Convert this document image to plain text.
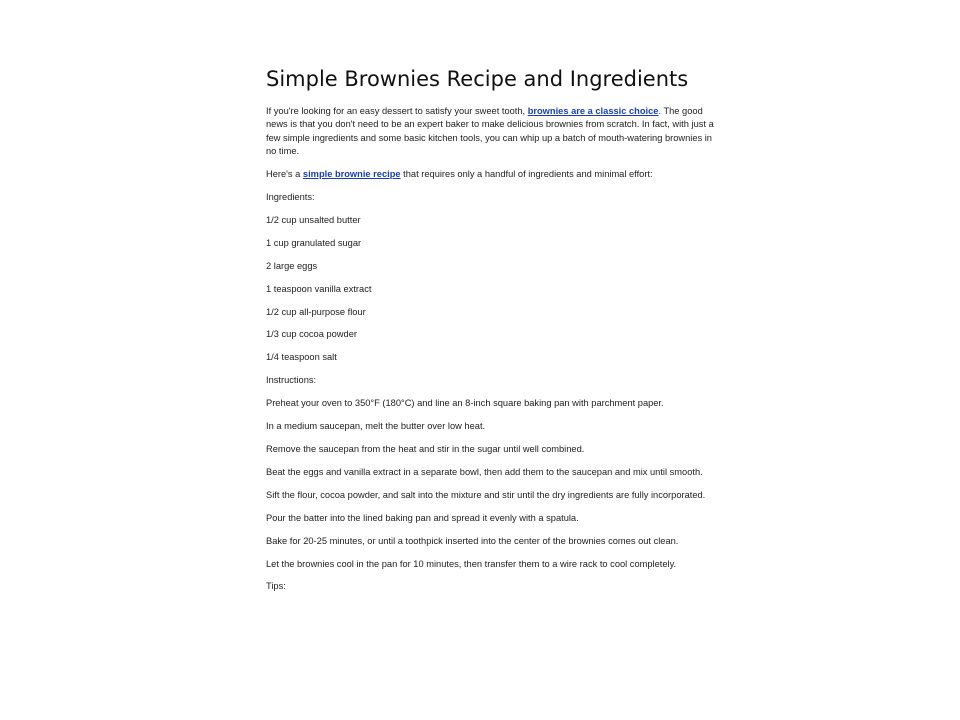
Simple Brownies Recipe and Ingredients

If you're looking for an easy dessert to satisfy your sweet tooth, brownies are a classic choice. The good news is that you don't need to be an expert baker to make delicious brownies from scratch. In fact, with just a few simple ingredients and some basic kitchen tools, you can whip up a batch of mouth-watering brownies in no time.

Here's a simple brownie recipe that requires only a handful of ingredients and minimal effort:

Ingredients:

1/2 cup unsalted butter

1 cup granulated sugar

2 large eggs

1 teaspoon vanilla extract

1/2 cup all-purpose flour

1/3 cup cocoa powder

1/4 teaspoon salt

Instructions:

Preheat your oven to 350°F (180°C) and line an 8-inch square baking pan with parchment paper.

In a medium saucepan, melt the butter over low heat.

Remove the saucepan from the heat and stir in the sugar until well combined.

Beat the eggs and vanilla extract in a separate bowl, then add them to the saucepan and mix until smooth.

Sift the flour, cocoa powder, and salt into the mixture and stir until the dry ingredients are fully incorporated.

Pour the batter into the lined baking pan and spread it evenly with a spatula.

Bake for 20-25 minutes, or until a toothpick inserted into the center of the brownies comes out clean.

Let the brownies cool in the pan for 10 minutes, then transfer them to a wire rack to cool completely.

Tips:
